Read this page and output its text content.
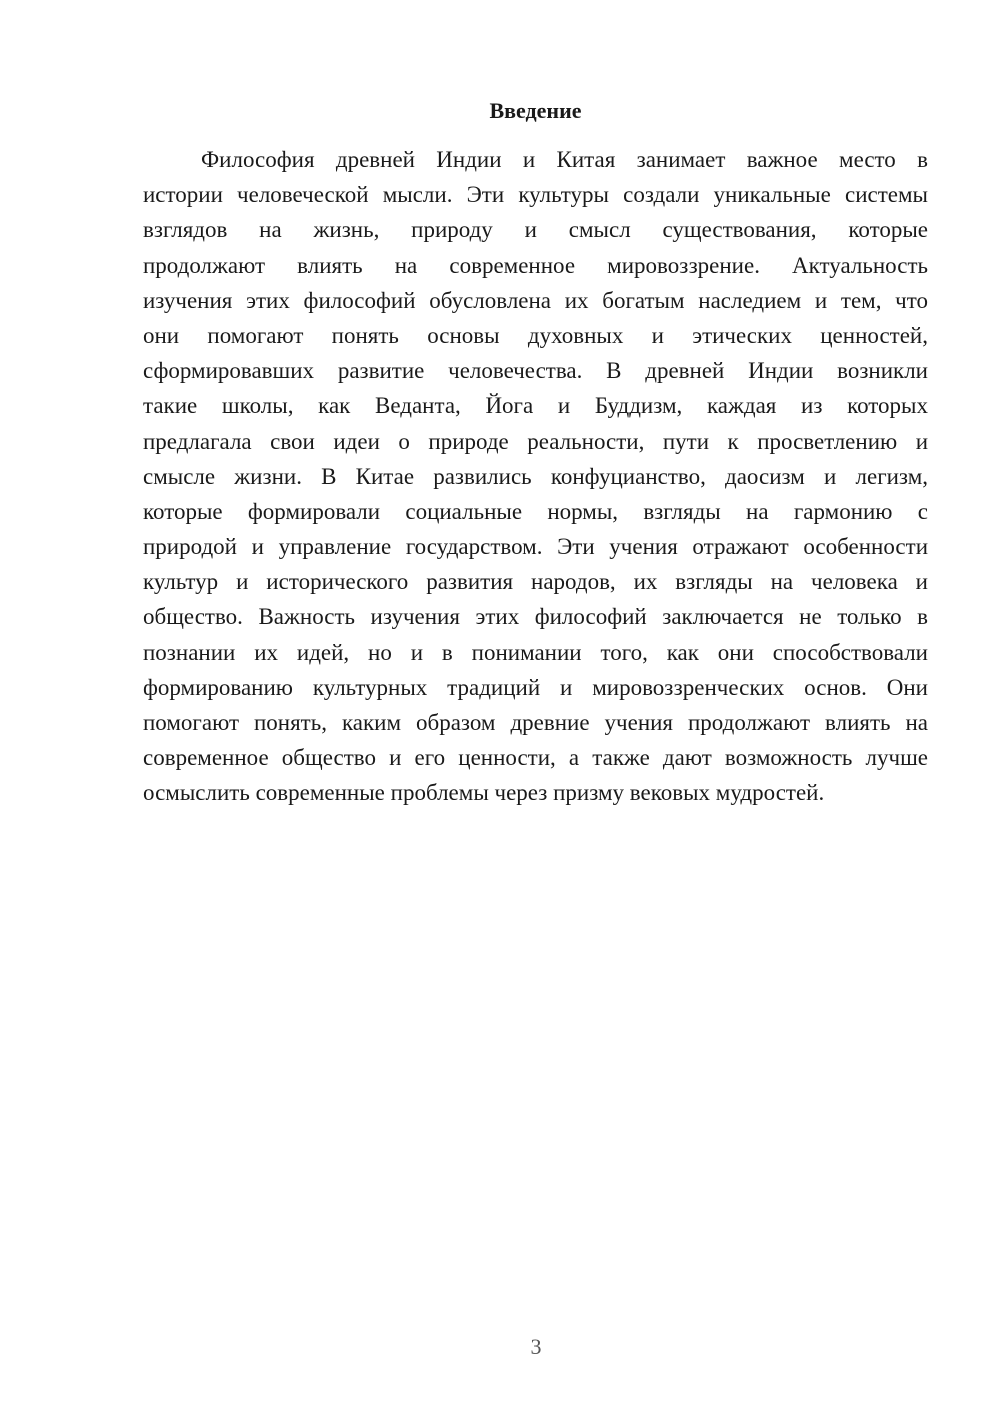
Введение
Философия древней Индии и Китая занимает важное место в
истории человеческой мысли. Эти культуры создали уникальные системы
взглядов на жизнь, природу и смысл существования, которые
продолжают влиять на современное мировоззрение. Актуальность
изучения этих философий обусловлена их богатым наследием и тем, что
они помогают понять основы духовных и этических ценностей,
сформировавших развитие человечества. В древней Индии возникли
такие школы, как Веданта, Йога и Буддизм, каждая из которых
предлагала свои идеи о природе реальности, пути к просветлению и
смысле жизни. В Китае развились конфуцианство, даосизм и легизм,
которые формировали социальные нормы, взгляды на гармонию с
природой и управление государством. Эти учения отражают особенности
культур и исторического развития народов, их взгляды на человека и
общество. Важность изучения этих философий заключается не только в
познании их идей, но и в понимании того, как они способствовали
формированию культурных традиций и мировоззренческих основ. Они
помогают понять, каким образом древние учения продолжают влиять на
современное общество и его ценности, а также дают возможность лучше
осмыслить современные проблемы через призму вековых мудростей.
3
